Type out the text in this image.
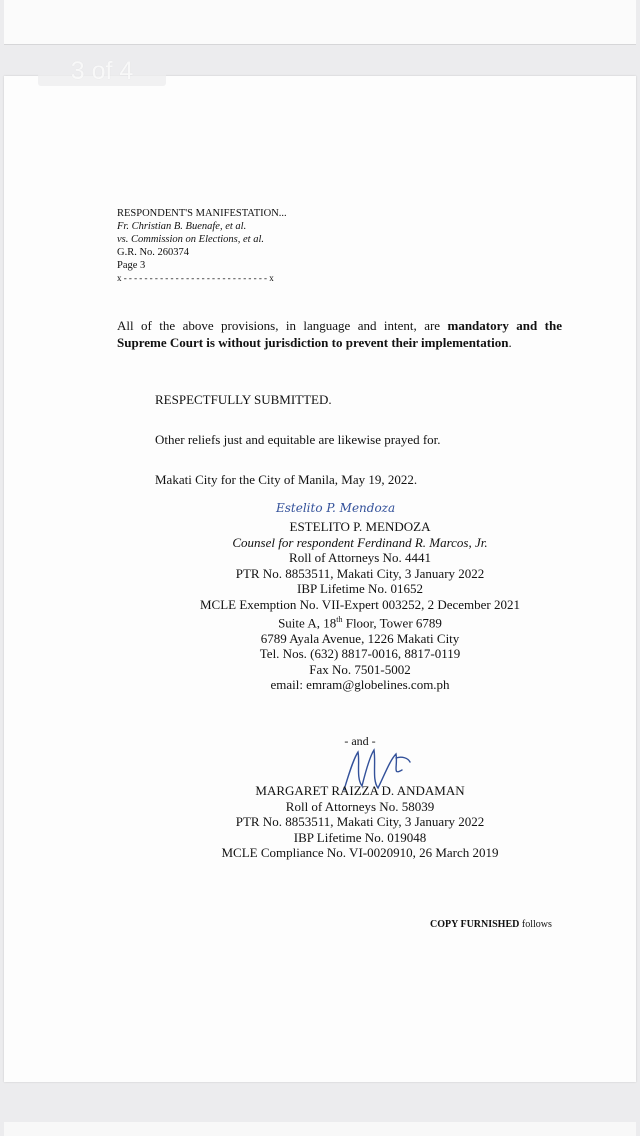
3 of 4
RESPONDENT'S MANIFESTATION...
Fr. Christian B. Buenafe, et al.
vs. Commission on Elections, et al.
G.R. No. 260374
Page 3
x----------------------------x
All of the above provisions, in language and intent, are mandatory and the Supreme Court is without jurisdiction to prevent their implementation.
RESPECTFULLY SUBMITTED.
Other reliefs just and equitable are likewise prayed for.
Makati City for the City of Manila, May 19, 2022.
Estelito P. Mendoza
ESTELITO P. MENDOZA
Counsel for respondent Ferdinand R. Marcos, Jr.
Roll of Attorneys No. 4441
PTR No. 8853511, Makati City, 3 January 2022
IBP Lifetime No. 01652
MCLE Exemption No. VII-Expert 003252, 2 December 2021
Suite A, 18th Floor, Tower 6789
6789 Ayala Avenue, 1226 Makati City
Tel. Nos. (632) 8817-0016, 8817-0119
Fax No. 7501-5002
email: emram@globelines.com.ph
- and -
MARGARET RAIZZA D. ANDAMAN
Roll of Attorneys No. 58039
PTR No. 8853511, Makati City, 3 January 2022
IBP Lifetime No. 019048
MCLE Compliance No. VI-0020910, 26 March 2019
COPY FURNISHED follows
